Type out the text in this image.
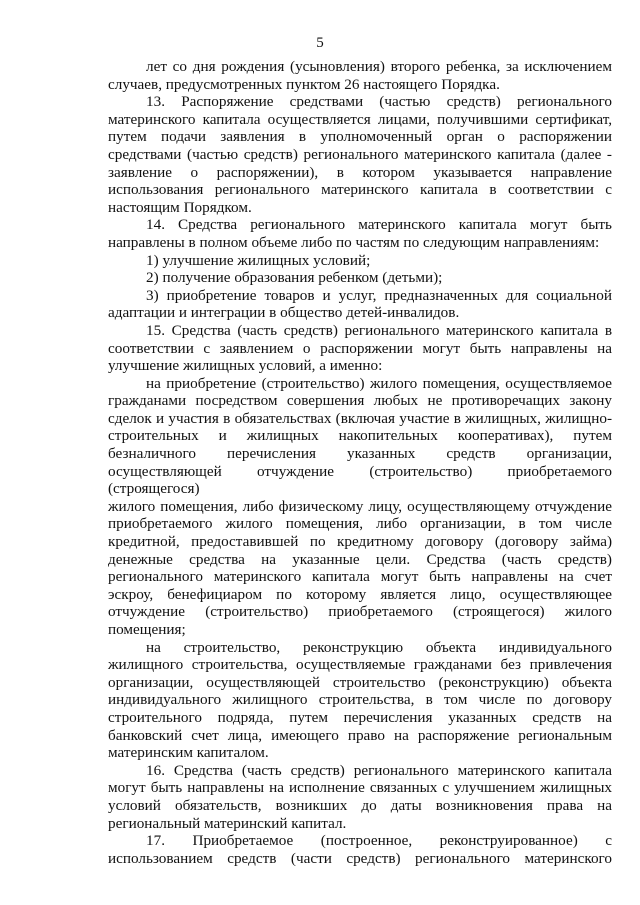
5

лет со дня рождения (усыновления) второго ребенка, за исключением

случаев, предусмотренных пунктом 26 настоящего Порядка.

13. Распоряжение средствами (частью средств) регионального

материнского капитала осуществляется лицами, получившими сертификат,

путем подачи заявления в уполномоченный орган о распоряжении

средствами (частью средств) регионального материнского капитала (далее -

заявление о распоряжении), в котором указывается направление

использования регионального материнского капитала в соответствии с

настоящим Порядком.

14. Средства регионального материнского капитала могут быть

направлены в полном объеме либо по частям по следующим направлениям:

1) улучшение жилищных условий;

2) получение образования ребенком (детьми);

3) приобретение товаров и услуг, предназначенных для социальной

адаптации и интеграции в общество детей-инвалидов.

15. Средства (часть средств) регионального материнского капитала в

соответствии с заявлением о распоряжении могут быть направлены на

улучшение жилищных условий, а именно:

на приобретение (строительство) жилого помещения, осуществляемое

гражданами посредством совершения любых не противоречащих закону

сделок и участия в обязательствах (включая участие в жилищных, жилищно-

строительных и жилищных накопительных кооперативах), путем

безналичного перечисления указанных средств организации,

осуществляющей отчуждение (строительство) приобретаемого (строящегося)

жилого помещения, либо физическому лицу, осуществляющему отчуждение

приобретаемого жилого помещения, либо организации, в том числе

кредитной, предоставившей по кредитному договору (договору займа)

денежные средства на указанные цели. Средства (часть средств)

регионального материнского капитала могут быть направлены на счет

эскроу, бенефициаром по которому является лицо, осуществляющее

отчуждение (строительство) приобретаемого (строящегося) жилого

помещения;

на строительство, реконструкцию объекта индивидуального

жилищного строительства, осуществляемые гражданами без привлечения

организации, осуществляющей строительство (реконструкцию) объекта

индивидуального жилищного строительства, в том числе по договору

строительного подряда, путем перечисления указанных средств на

банковский счет лица, имеющего право на распоряжение региональным

материнским капиталом.

16. Средства (часть средств) регионального материнского капитала

могут быть направлены на исполнение связанных с улучшением жилищных

условий обязательств, возникших до даты возникновения права на

региональный материнский капитал.

17. Приобретаемое (построенное, реконструированное) с

использованием средств (части средств) регионального материнского
